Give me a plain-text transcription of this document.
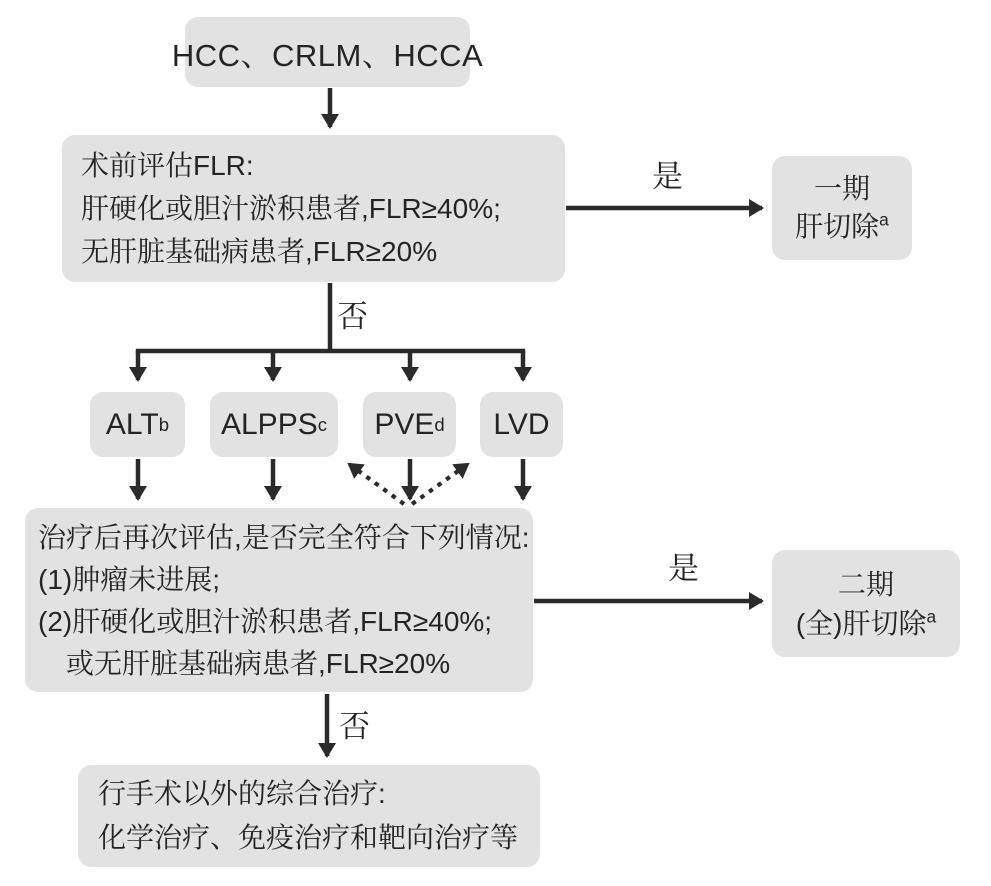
HCC、CRLM、HCCA
术前评估FLR:
肝硬化或胆汁淤积患者,FLR≥40%;
无肝脏基础病患者,FLR≥20%
一期
肝切除$^a$
ALT b ALPPS c PVE d LVD
治疗后再次评估,是否完全符合下列情况:
(1)肿瘤未进展;
(2)肝硬化或胆汁淤积患者,FLR≥40%;
　或无肝脏基础病患者,FLR≥20%
二期
(全)肝切除$^a$
行手术以外的综合治疗:
化学治疗、免疫治疗和靶向治疗等
是
否
是
否
